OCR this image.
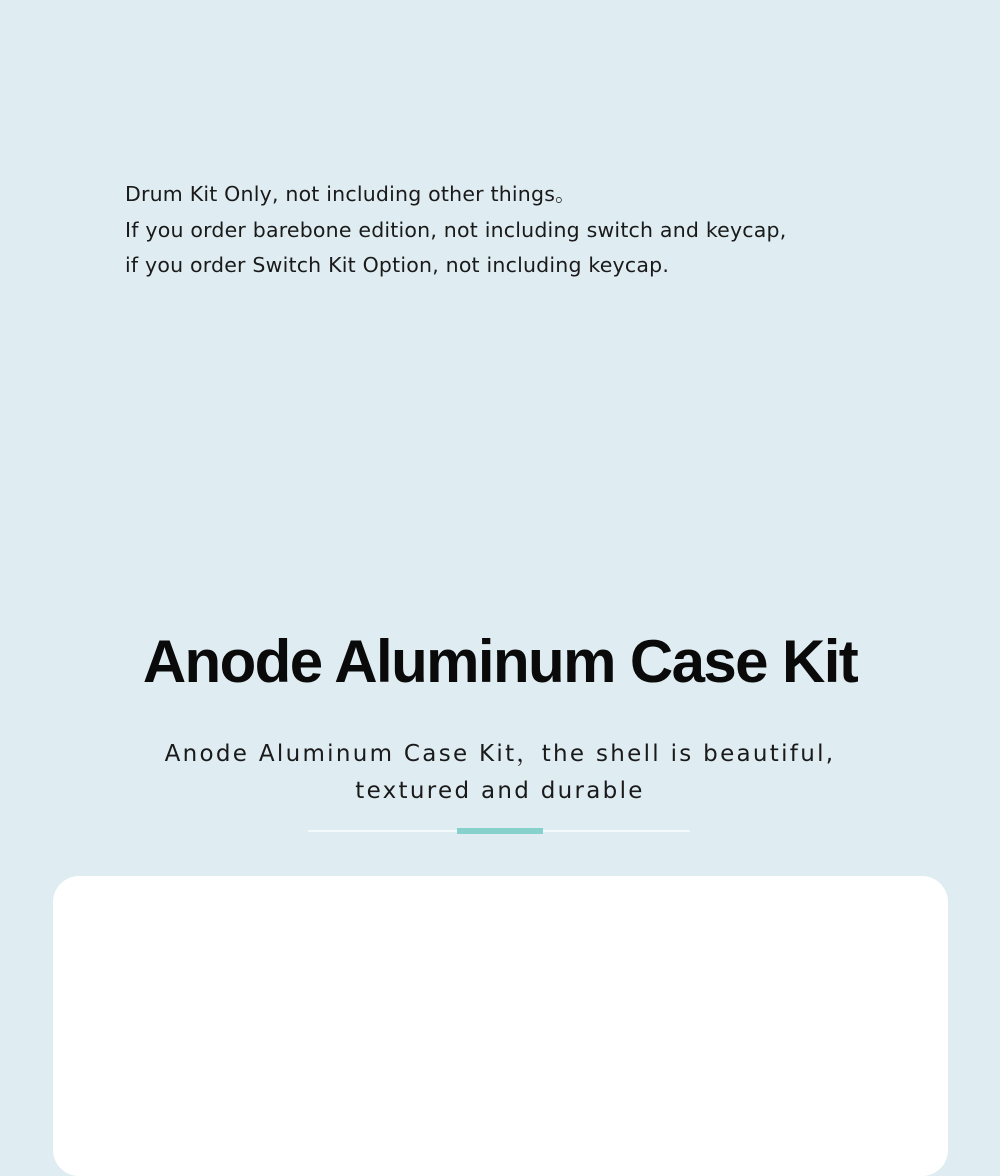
Drum Kit Only, not including other things。
If you order barebone edition, not including switch and keycap,
if you order Switch Kit Option, not including keycap.
Anode Aluminum Case Kit
Anode Aluminum Case Kit，the shell is beautiful,
textured and durable
